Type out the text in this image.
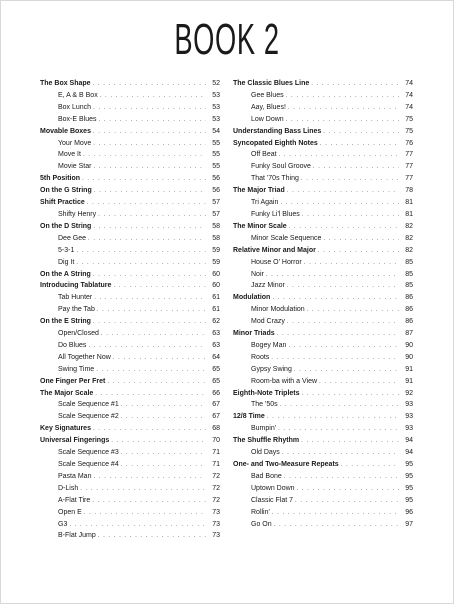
BOOK 2
The Box Shape . . .	52
E, A & B Box . . .	53
Box Lunch . . .	53
Box-E Blues . . .	53
Movable Boxes . . .	54
Your Move . . .	55
Move It . . .	55
Movie Star . . .	55
5th Position . . .	56
On the G String . . .	56
Shift Practice . . .	57
Shifty Henry . . .	57
On the D String . . .	58
Dee Gee . . .	58
5-3-1 . . .	59
Dig It . . .	59
On the A String . . .	60
Introducing Tablature . . .	60
Tab Hunter . . .	61
Pay the Tab . . .	61
On the E String . . .	62
Open/Closed . . .	63
Do Blues . . .	63
All Together Now . . .	64
Swing Time . . .	65
One Finger Per Fret . . .	65
The Major Scale . . .	66
Scale Sequence #1 . . .	67
Scale Sequence #2 . . .	67
Key Signatures . . .	68
Universal Fingerings . . .	70
Scale Sequence #3 . . .	71
Scale Sequence #4 . . .	71
Pasta Man . . .	72
D-Lish . . .	72
A-Flat Tire . . .	72
Open E . . .	73
G3 . . .	73
B-Flat Jump . . .	73
The Classic Blues Line . . .	74
Gee Blues . . .	74
Aay, Blues! . . .	74
Low Down . . .	75
Understanding Bass Lines . . .	75
Syncopated Eighth Notes . . .	76
Off Beat . . .	77
Funky Soul Groove . . .	77
That '70s Thing . . .	77
The Major Triad . . .	78
Tri Again . . .	81
Funky Li'l Blues . . .	81
The Minor Scale . . .	82
Minor Scale Sequence . . .	82
Relative Minor and Major . . .	82
House O' Horror . . .	85
Noir . . .	85
Jazz Minor . . .	85
Modulation . . .	86
Minor Modulation . . .	86
Mod Crazy . . .	86
Minor Triads . . .	87
Bogey Man . . .	90
Roots . . .	90
Gypsy Swing . . .	91
Room-ba with a View . . .	91
Eighth-Note Triplets . . .	92
The '50s . . .	93
12/8 Time . . .	93
Bumpin' . . .	93
The Shuffle Rhythm . . .	94
Old Days . . .	94
One- and Two-Measure Repeats . . .	95
Bad Bone . . .	95
Uptown Down . . .	95
Classic Flat 7 . . .	95
Rollin' . . .	96
Go On . . .	97
